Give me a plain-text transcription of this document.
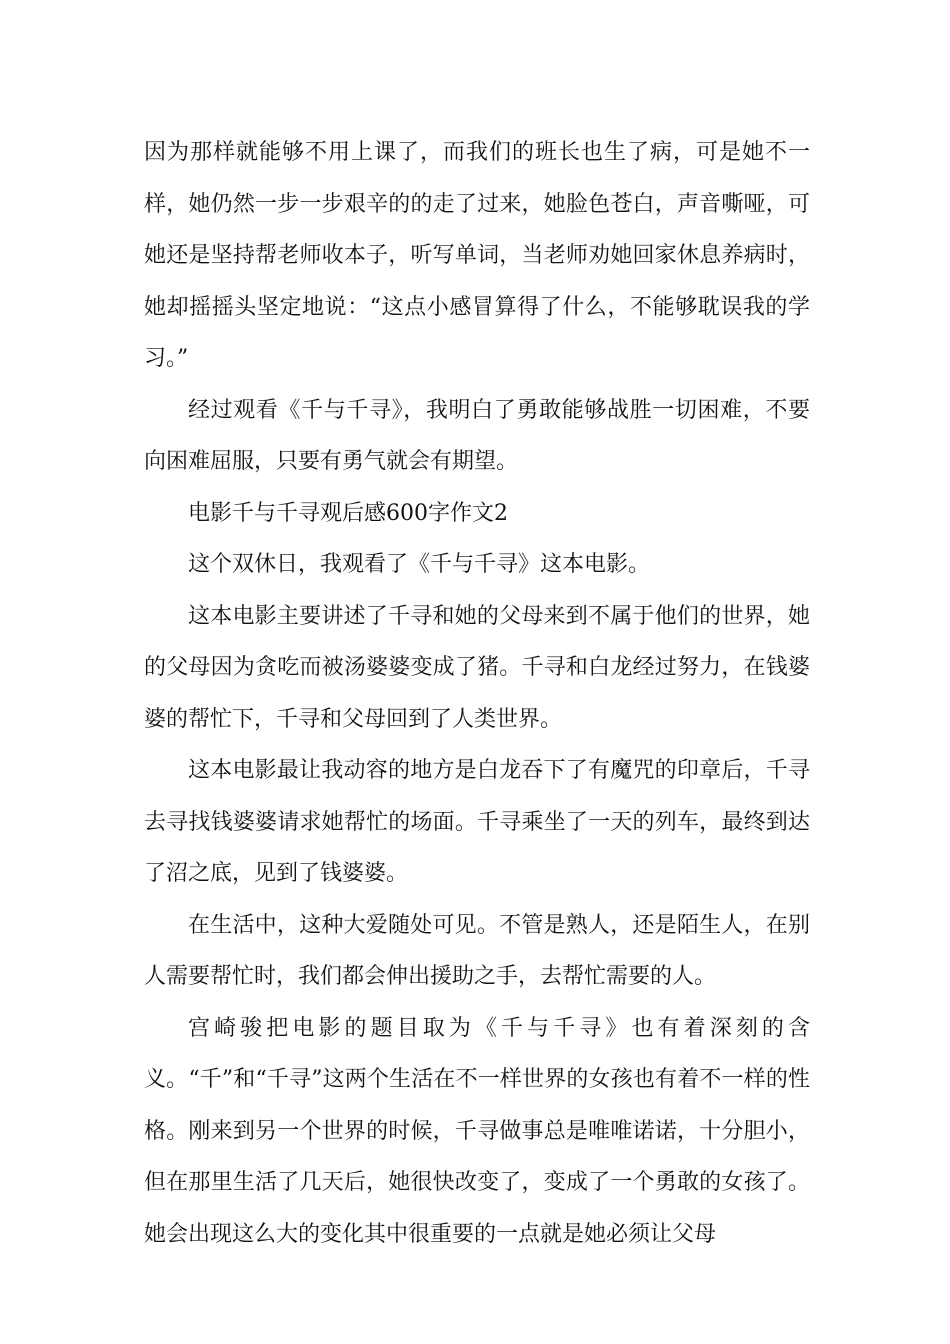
因为那样就能够不用上课了，而我们的班长也生了病，可是她不一样，她仍然一步一步艰辛的的走了过来，她脸色苍白，声音嘶哑，可她还是坚持帮老师收本子，听写单词，当老师劝她回家休息养病时，她却摇摇头坚定地说：“这点小感冒算得了什么，不能够耽误我的学习。”

经过观看《千与千寻》，我明白了勇敢能够战胜一切困难，不要向困难屈服，只要有勇气就会有期望。

电影千与千寻观后感600字作文2

这个双休日，我观看了《千与千寻》这本电影。

这本电影主要讲述了千寻和她的父母来到不属于他们的世界，她的父母因为贪吃而被汤婆婆变成了猪。千寻和白龙经过努力，在钱婆婆的帮忙下，千寻和父母回到了人类世界。

这本电影最让我动容的地方是白龙吞下了有魔咒的印章后，千寻去寻找钱婆婆请求她帮忙的场面。千寻乘坐了一天的列车，最终到达了沼之底，见到了钱婆婆。

在生活中，这种大爱随处可见。不管是熟人，还是陌生人，在别人需要帮忙时，我们都会伸出援助之手，去帮忙需要的人。

宫崎骏把电影的题目取为《千与千寻》也有着深刻的含义。“千”和“千寻”这两个生活在不一样世界的女孩也有着不一样的性格。刚来到另一个世界的时候，千寻做事总是唯唯诺诺，十分胆小，但在那里生活了几天后，她很快改变了，变成了一个勇敢的女孩了。她会出现这么大的变化其中很重要的一点就是她必须让父母
